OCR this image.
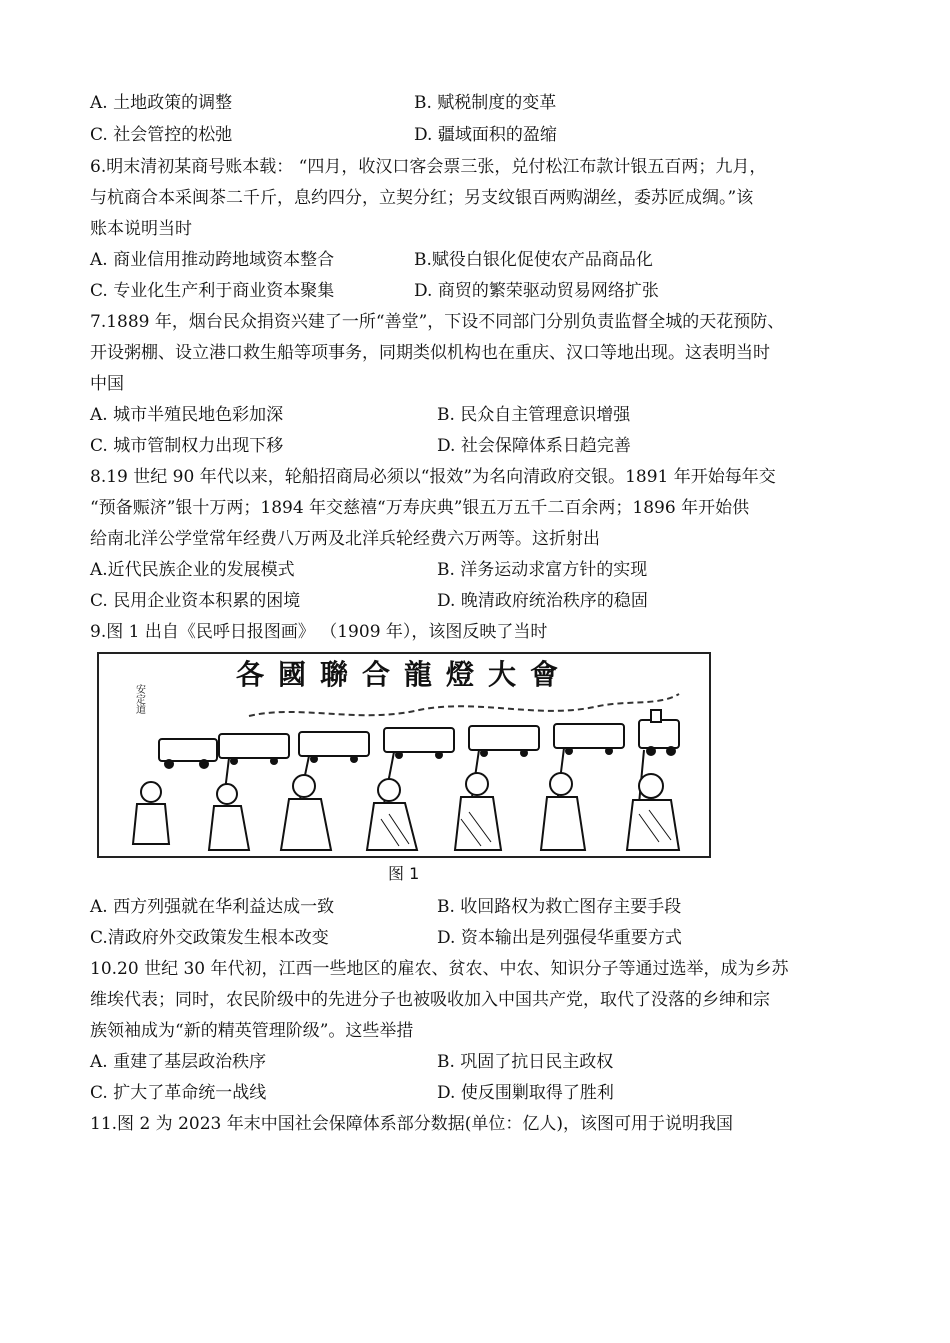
A. 土地政策的调整	B. 赋税制度的变革
C. 社会管控的松弛	D. 疆域面积的盈缩
6.明末清初某商号账本载： “四月，收汉口客会票三张，兑付松江布款计银五百两；九月，
与杭商合本采闽茶二千斤，息约四分，立契分红；另支纹银百两购湖丝，委苏匠成绸。”该
账本说明当时
A. 商业信用推动跨地域资本整合	B.赋役白银化促使农产品商品化
C. 专业化生产利于商业资本聚集	D. 商贸的繁荣驱动贸易网络扩张
7.1889 年，烟台民众捐资兴建了一所“善堂”，下设不同部门分别负责监督全城的天花预防、
开设粥棚、设立港口救生船等项事务，同期类似机构也在重庆、汉口等地出现。这表明当时
中国
A. 城市半殖民地色彩加深	B. 民众自主管理意识增强
C. 城市管制权力出现下移	D. 社会保障体系日趋完善
8.19 世纪 90 年代以来，轮船招商局必须以“报效”为名向清政府交银。1891 年开始每年交
“预备赈济”银十万两；1894 年交慈禧“万寿庆典”银五万五千二百余两；1896 年开始供
给南北洋公学堂常年经费八万两及北洋兵轮经费六万两等。这折射出
A.近代民族企业的发展模式	B. 洋务运动求富方针的实现
C. 民用企业资本积累的困境	D. 晚清政府统治秩序的稳固
9.图 1 出自《民呼日报图画》 （1909 年），该图反映了当时
安定道
各國聯合龍燈大會
图 1
A. 西方列强就在华利益达成一致	B. 收回路权为救亡图存主要手段
C.清政府外交政策发生根本改变	D. 资本输出是列强侵华重要方式
10.20 世纪 30 年代初，江西一些地区的雇农、贫农、中农、知识分子等通过选举，成为乡苏
维埃代表；同时，农民阶级中的先进分子也被吸收加入中国共产党，取代了没落的乡绅和宗
族领袖成为“新的精英管理阶级”。这些举措
A. 重建了基层政治秩序	B. 巩固了抗日民主政权
C. 扩大了革命统一战线	D. 使反围剿取得了胜利
11.图 2 为 2023 年末中国社会保障体系部分数据(单位：亿人)，该图可用于说明我国
